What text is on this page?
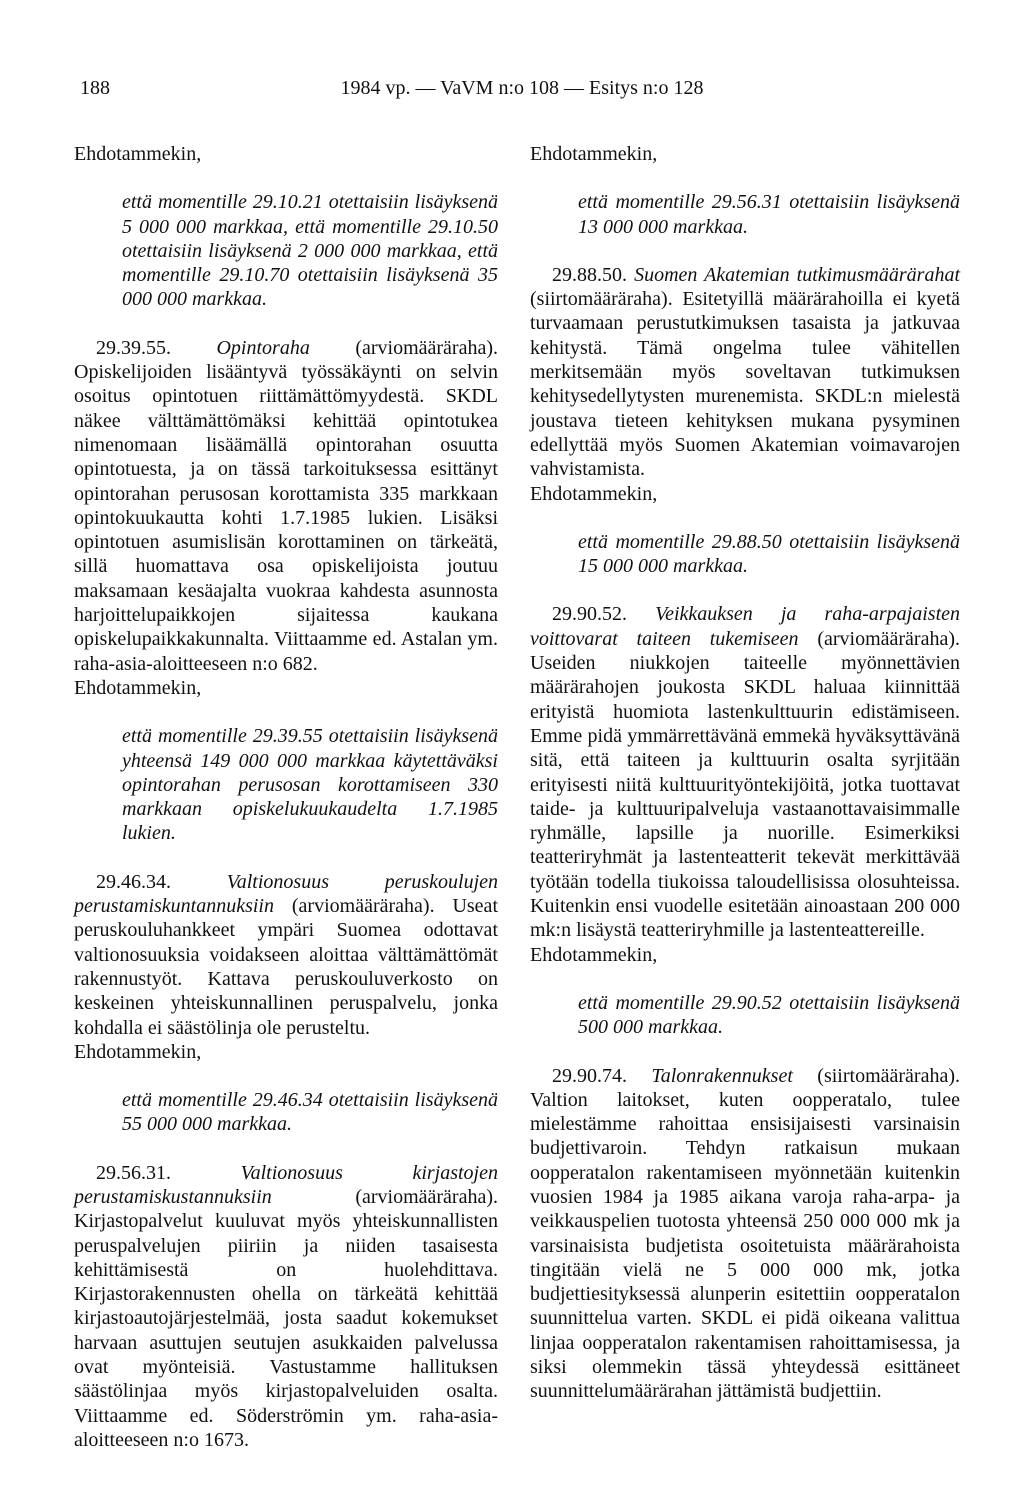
188	1984 vp. — VaVM n:o 108 — Esitys n:o 128

Ehdotammekin,

että momentille 29.10.21 otettaisiin lisäyksenä 5 000 000 markkaa, että momentille 29.10.50 otettaisiin lisäyksenä 2 000 000 markkaa, että momentille 29.10.70 otettaisiin lisäyksenä 35 000 000 markkaa.

29.39.55. Opintoraha (arviomääräraha). Opiskelijoiden lisääntyvä työssäkäynti on selvin osoitus opintotuen riittämättömyydestä. SKDL näkee välttämättömäksi kehittää opintotukea nimenomaan lisäämällä opintorahan osuutta opintotuesta, ja on tässä tarkoituksessa esittänyt opintorahan perusosan korottamista 335 markkaan opintokuukautta kohti 1.7.1985 lukien. Lisäksi opintotuen asumislisän korottaminen on tärkeätä, sillä huomattava osa opiskelijoista joutuu maksamaan kesäajalta vuokraa kahdesta asunnosta harjoittelupaikkojen sijaitessa kaukana opiskelupaikkakunnalta. Viittaamme ed. Astalan ym. raha-asia-aloitteeseen n:o 682.

Ehdotammekin,

että momentille 29.39.55 otettaisiin lisäyksenä yhteensä 149 000 000 markkaa käytettäväksi opintorahan perusosan korottamiseen 330 markkaan opiskelukuukaudelta 1.7.1985 lukien.

29.46.34.	Valtionosuus peruskoulujen perustamiskuntannuksiin (arviomääräraha). Useat peruskouluhankkeet ympäri Suomea odottavat valtionosuuksia voidakseen aloittaa välttämättömät rakennustyöt. Kattava peruskouluverkosto on keskeinen yhteiskunnallinen peruspalvelu, jonka kohdalla ei säästölinja ole perusteltu.

Ehdotammekin,

että momentille 29.46.34 otettaisiin lisäyksenä 55 000 000 markkaa.

29.56.31.	Valtionosuus kirjastojen perustamiskustannuksiin	(arviomääräraha). Kirjastopalvelut kuuluvat myös yhteiskunnallisten peruspalvelujen piiriin ja niiden tasaisesta kehittämisestä on huolehdittava. Kirjastorakennusten ohella on tärkeätä kehittää kirjastoautojärjestelmää, josta saadut kokemukset harvaan asuttujen seutujen asukkaiden palvelussa ovat myönteisiä. Vastustamme hallituksen säästölinjaa myös kirjastopalveluiden osalta. Viittaamme ed. Söderströmin ym. raha-asia-aloitteeseen n:o 1673.

Ehdotammekin,

että momentille 29.56.31 otettaisiin lisäyksenä 13 000 000 markkaa.

29.88.50. Suomen Akatemian tutkimusmäärärahat (siirtomääräraha). Esitetyillä määrärahoilla ei kyetä turvaamaan perustutkimuksen tasaista ja jatkuvaa kehitystä. Tämä ongelma tulee vähitellen merkitsemään myös soveltavan tutkimuksen kehitysedellytysten murenemista. SKDL:n mielestä joustava tieteen kehityksen mukana pysyminen edellyttää myös Suomen Akatemian voimavarojen vahvistamista.

Ehdotammekin,

että momentille 29.88.50 otettaisiin lisäyksenä 15 000 000 markkaa.

29.90.52. Veikkauksen ja raha-arpajaisten voittovarat taiteen tukemiseen (arviomääräraha). Useiden niukkojen taiteelle myönnettävien määrärahojen joukosta SKDL haluaa kiinnittää erityistä huomiota lastenkulttuurin edistämiseen. Emme pidä ymmärrettävänä emmekä hyväksyttävänä sitä, että taiteen ja kulttuurin osalta syrjitään erityisesti niitä kulttuurityöntekijöitä, jotka tuottavat taide- ja kulttuuripalveluja vastaanottavaisimmalle ryhmälle, lapsille ja nuorille. Esimerkiksi teatteriryhmät ja lastenteatterit tekevät merkittävää työtään todella tiukoissa taloudellisissa olosuhteissa. Kuitenkin ensi vuodelle esitetään ainoastaan 200 000 mk:n lisäystä teatteriryhmille ja lastenteattereille.

Ehdotammekin,

että momentille 29.90.52 otettaisiin lisäyksenä 500 000 markkaa.

29.90.74. Talonrakennukset (siirtomääräraha). Valtion laitokset, kuten oopperatalo, tulee mielestämme rahoittaa ensisijaisesti varsinaisin budjettivaroin. Tehdyn ratkaisun mukaan oopperatalon rakentamiseen myönnetään kuitenkin vuosien 1984 ja 1985 aikana varoja raha-arpa- ja veikkauspelien tuotosta yhteensä 250 000 000 mk ja varsinaisista budjetista osoitetuista määrärahoista tingitään vielä ne 5 000 000 mk, jotka budjettiesityksessä alunperin esitettiin oopperatalon suunnittelua varten. SKDL ei pidä oikeana valittua linjaa oopperatalon rakentamisen rahoittamisessa, ja siksi olemmekin tässä yhteydessä esittäneet suunnittelumäärärahan jättämistä budjettiin.
